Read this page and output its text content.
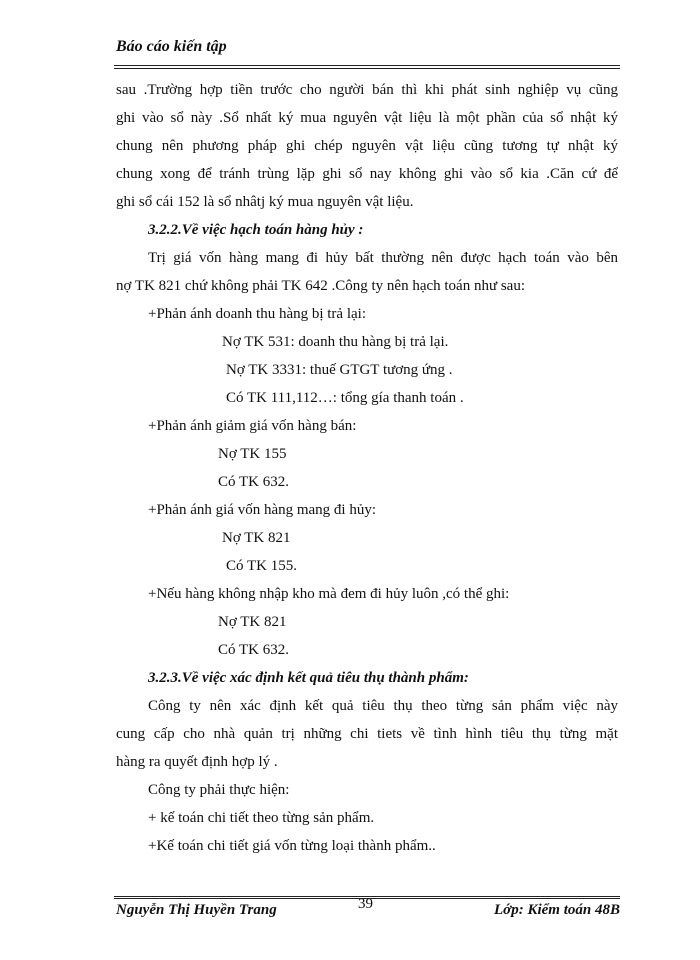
Báo cáo kiến tập
sau .Trường hợp tiền trước cho người bán thì khi phát sinh nghiệp vụ cũng
ghi vào sổ này .Sổ nhất ký mua nguyên vật liệu là một phần của sổ nhật ký
chung nên phương pháp ghi chép nguyên vật liệu cũng tương tự nhật ký
chung xong để tránh trùng lặp ghi sổ nay không ghi vào sổ kia .Căn cứ để
ghi sổ cái 152 là sổ nhâtj ký mua nguyên vật liệu.
3.2.2.Về việc hạch toán hàng hủy :
Trị giá vốn hàng mang đi hủy bất thường nên được hạch toán vào bên
nợ TK 821 chứ không phải TK 642 .Công ty nên hạch toán như sau:
+Phản ánh doanh thu hàng bị trả lại:
Nợ TK 531: doanh thu hàng bị trả lại.
Nợ TK 3331: thuế GTGT tương ứng .
Có TK 111,112…: tổng gía thanh toán .
+Phản ánh giảm giá vốn hàng bán:
Nợ TK 155
Có TK 632.
+Phản ánh giá vốn hàng mang đi hủy:
Nợ TK 821
Có TK 155.
+Nếu hàng không nhập kho mà đem đi hủy luôn ,có thể ghi:
Nợ TK 821
Có TK 632.
3.2.3.Về việc xác định kết quả tiêu thụ thành phẩm:
Công ty nên xác định kết quả tiêu thụ theo từng sản phẩm việc này
cung cấp cho nhà quản trị những chi tiets về tình hình tiêu thụ từng mặt
hàng ra quyết định hợp lý .
Công ty phải thực hiện:
+ kế toán chi tiết theo từng sản phẩm.
+Kế toán chi tiết giá vốn từng loại thành phẩm..
Nguyễn Thị Huyền Trang	39	Lớp: Kiểm toán 48B
